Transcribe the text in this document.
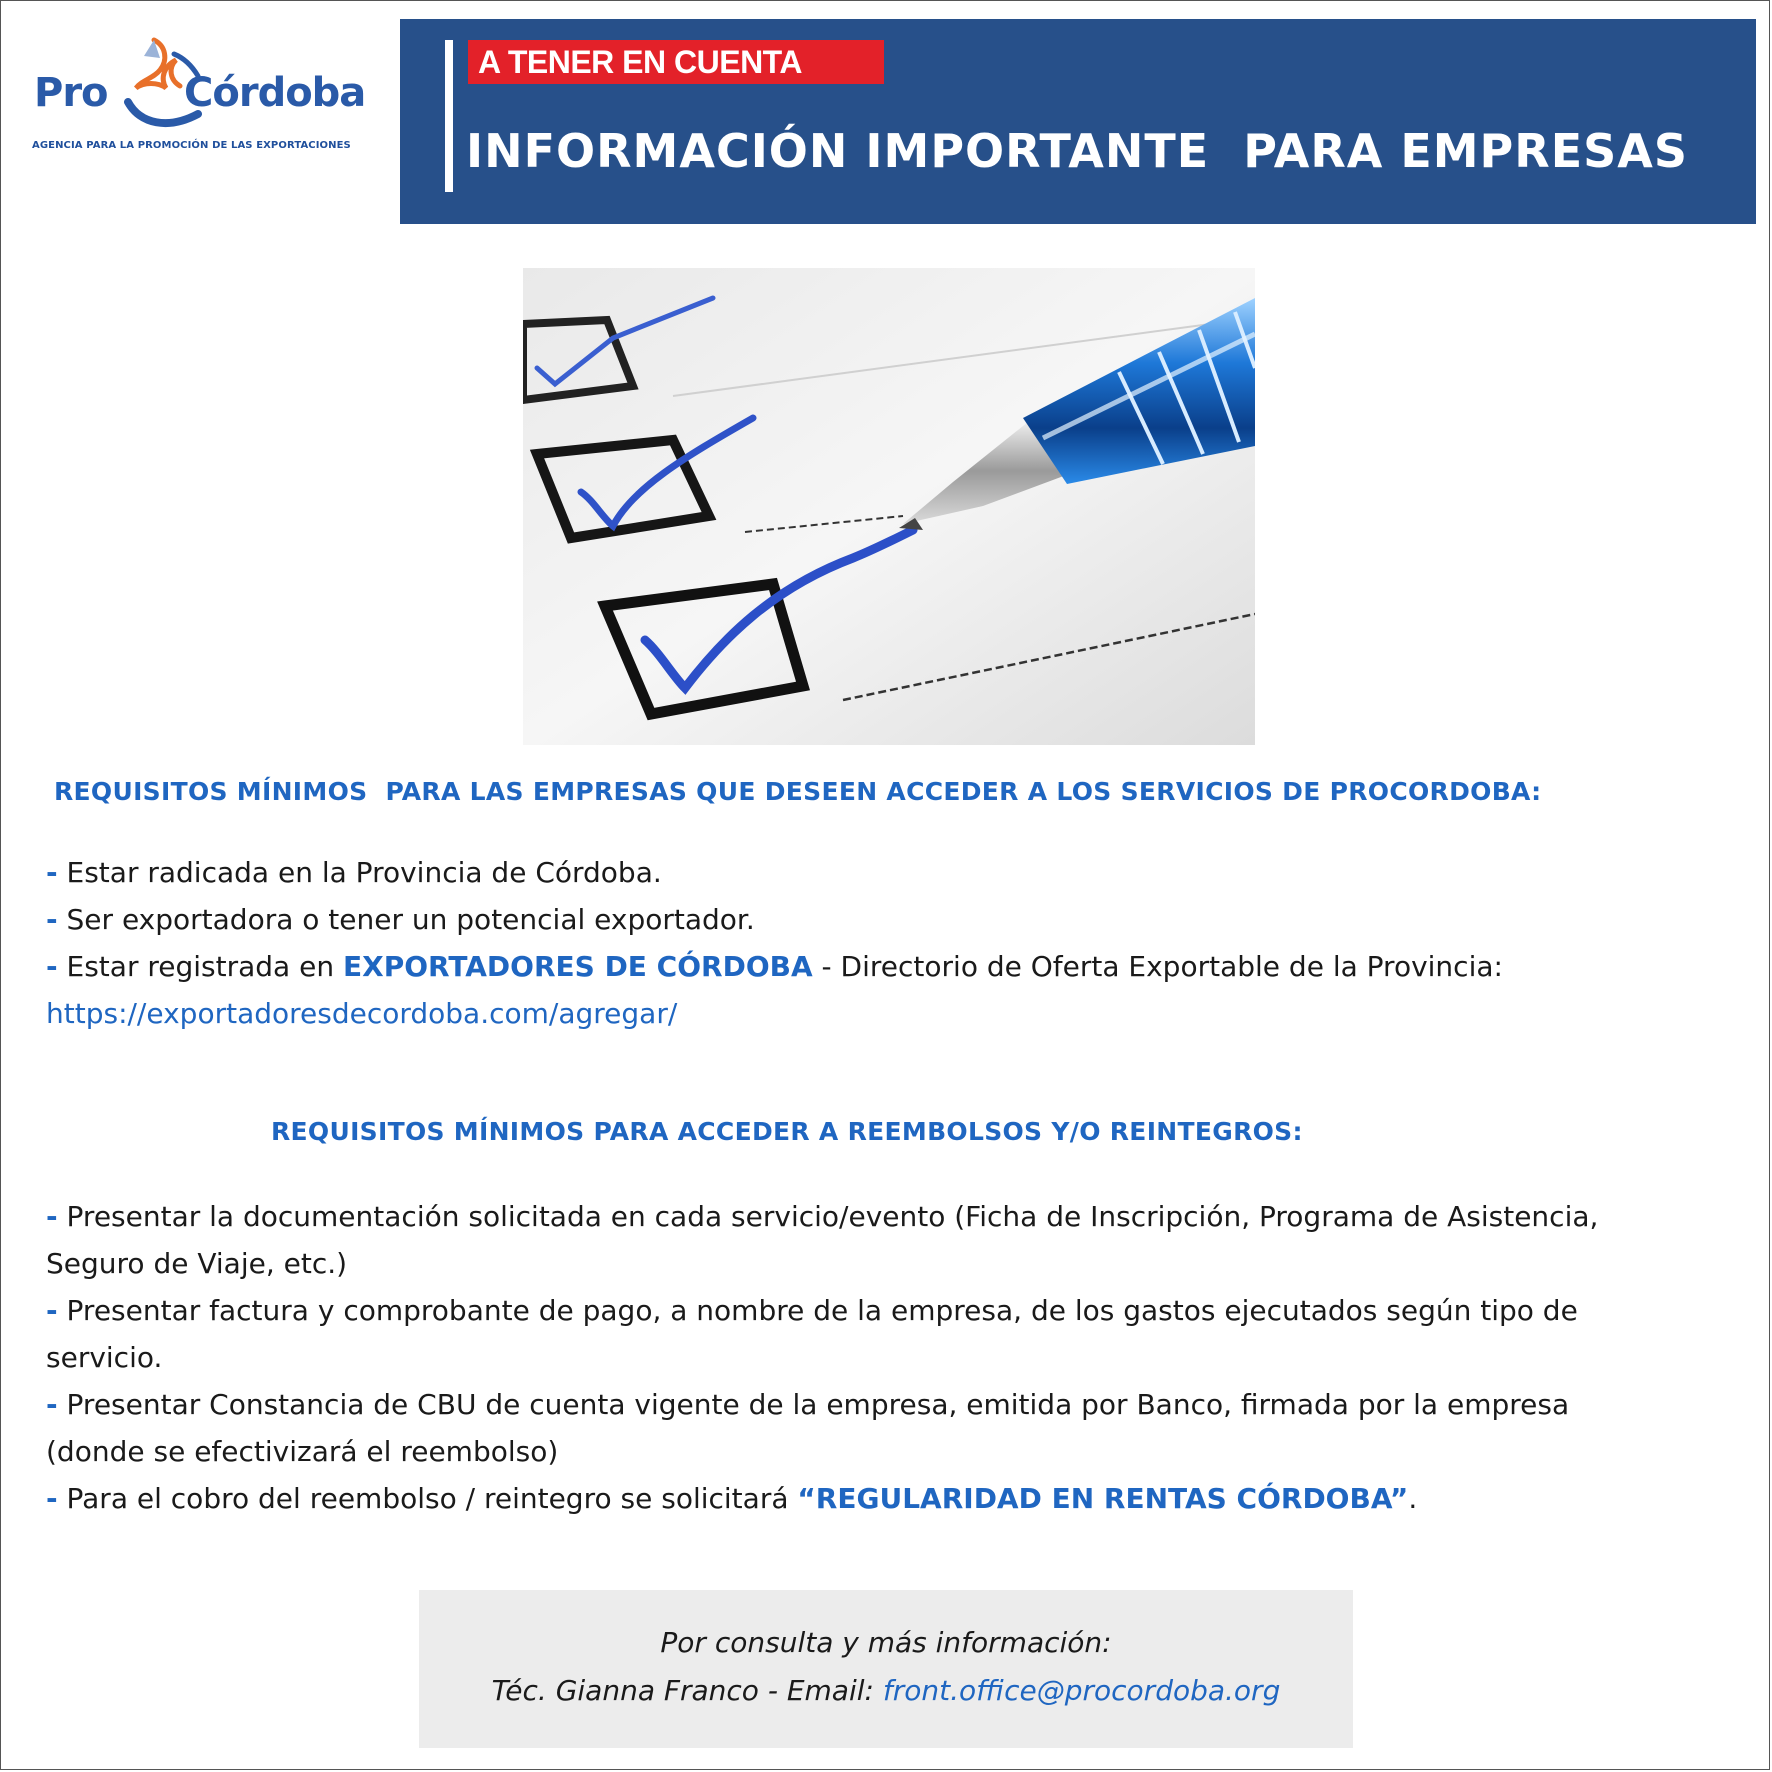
Pro Córdoba
AGENCIA PARA LA PROMOCIÓN DE LAS EXPORTACIONES
A TENER EN CUENTA
INFORMACIÓN IMPORTANTE  PARA EMPRESAS
REQUISITOS MÍNIMOS  PARA LAS EMPRESAS QUE DESEEN ACCEDER A LOS SERVICIOS DE PROCORDOBA:
- Estar radicada en la Provincia de Córdoba.
- Ser exportadora o tener un potencial exportador.
- Estar registrada en EXPORTADORES DE CÓRDOBA - Directorio de Oferta Exportable de la Provincia:
https://exportadoresdecordoba.com/agregar/
REQUISITOS MÍNIMOS PARA ACCEDER A REEMBOLSOS Y/O REINTEGROS:
- Presentar la documentación solicitada en cada servicio/evento (Ficha de Inscripción, Programa de Asistencia,
Seguro de Viaje, etc.)
- Presentar factura y comprobante de pago, a nombre de la empresa, de los gastos ejecutados según tipo de
servicio.
- Presentar Constancia de CBU de cuenta vigente de la empresa, emitida por Banco, firmada por la empresa
(donde se efectivizará el reembolso)
- Para el cobro del reembolso / reintegro se solicitará “REGULARIDAD EN RENTAS CÓRDOBA”.
Por consulta y más información:
Téc. Gianna Franco - Email: front.office@procordoba.org
